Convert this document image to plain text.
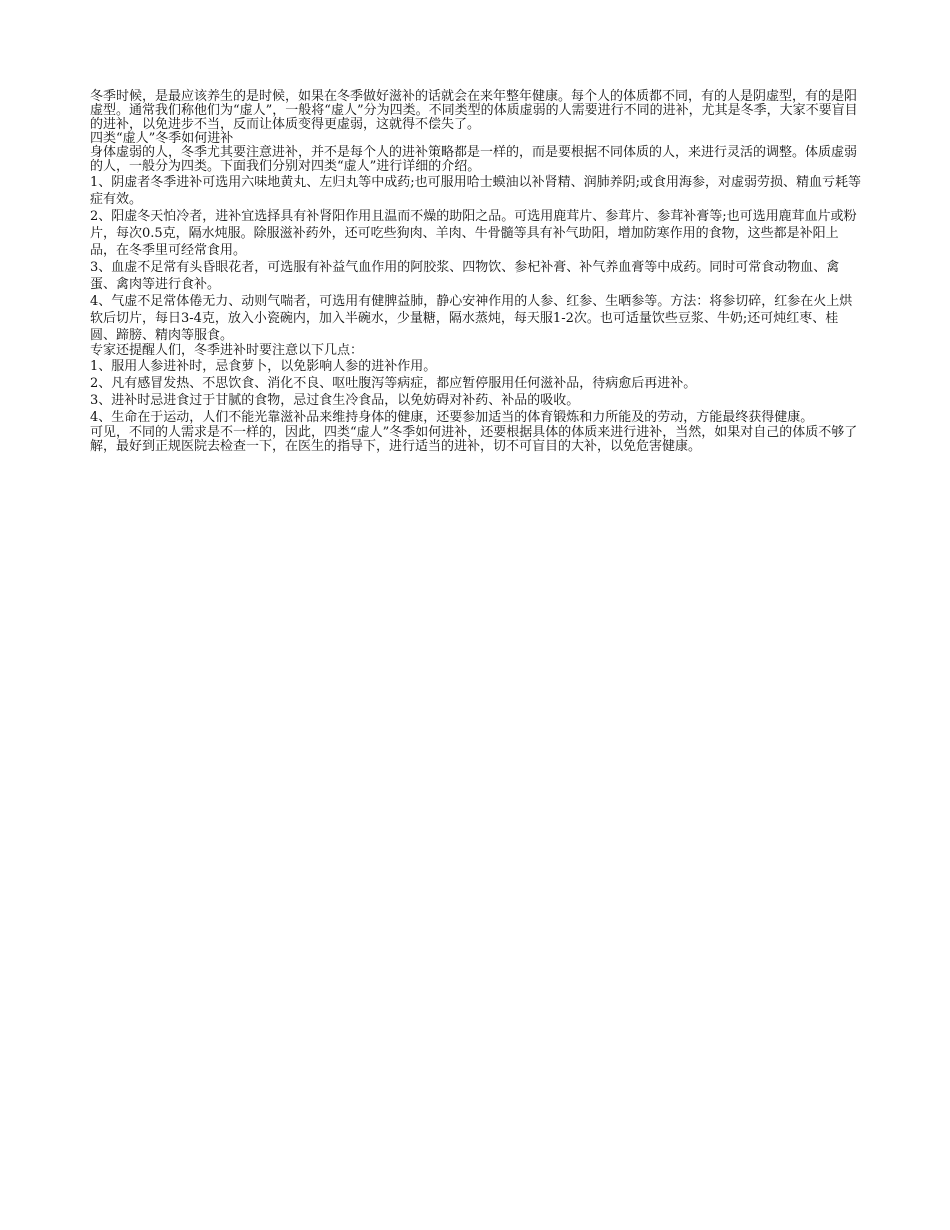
冬季时候，是最应该养生的是时候，如果在冬季做好滋补的话就会在来年整年健康。每个人的体质都不同，有的人是阴虚型，有的是阳虚型。通常我们称他们为“虚人”，一般将“虚人”分为四类。不同类型的体质虚弱的人需要进行不同的进补，尤其是冬季，大家不要盲目的进补，以免进步不当，反而让体质变得更虚弱，这就得不偿失了。

四类“虚人”冬季如何进补

身体虚弱的人，冬季尤其要注意进补，并不是每个人的进补策略都是一样的，而是要根据不同体质的人，来进行灵活的调整。体质虚弱的人，一般分为四类。下面我们分别对四类“虚人”进行详细的介绍。

1、阴虚者冬季进补可选用六味地黄丸、左归丸等中成药;也可服用哈士蟆油以补肾精、润肺养阴;或食用海参，对虚弱劳损、精血亏耗等症有效。

2、阳虚冬天怕冷者，进补宜选择具有补肾阳作用且温而不燥的助阳之品。可选用鹿茸片、参茸片、参茸补膏等;也可选用鹿茸血片或粉片，每次0.5克，隔水炖服。除服滋补药外，还可吃些狗肉、羊肉、牛骨髓等具有补气助阳，增加防寒作用的食物，这些都是补阳上品，在冬季里可经常食用。

3、血虚不足常有头昏眼花者，可选服有补益气血作用的阿胶浆、四物饮、参杞补膏、补气养血膏等中成药。同时可常食动物血、禽蛋、禽肉等进行食补。

4、气虚不足常体倦无力、动则气喘者，可选用有健脾益肺，静心安神作用的人参、红参、生晒参等。方法：将参切碎，红参在火上烘软后切片，每日3-4克，放入小瓷碗内，加入半碗水，少量糖，隔水蒸炖，每天服1-2次。也可适量饮些豆浆、牛奶;还可炖红枣、桂圆、蹄膀、精肉等服食。

专家还提醒人们，冬季进补时要注意以下几点：

1、服用人参进补时，忌食萝卜，以免影响人参的进补作用。

2、凡有感冒发热、不思饮食、消化不良、呕吐腹泻等病症，都应暂停服用任何滋补品，待病愈后再进补。

3、进补时忌进食过于甘腻的食物，忌过食生冷食品，以免妨碍对补药、补品的吸收。

4、生命在于运动，人们不能光靠滋补品来维持身体的健康，还要参加适当的体育锻炼和力所能及的劳动，方能最终获得健康。

可见，不同的人需求是不一样的，因此，四类“虚人”冬季如何进补，还要根据具体的体质来进行进补，当然，如果对自己的体质不够了解，最好到正规医院去检查一下，在医生的指导下，进行适当的进补，切不可盲目的大补，以免危害健康。
